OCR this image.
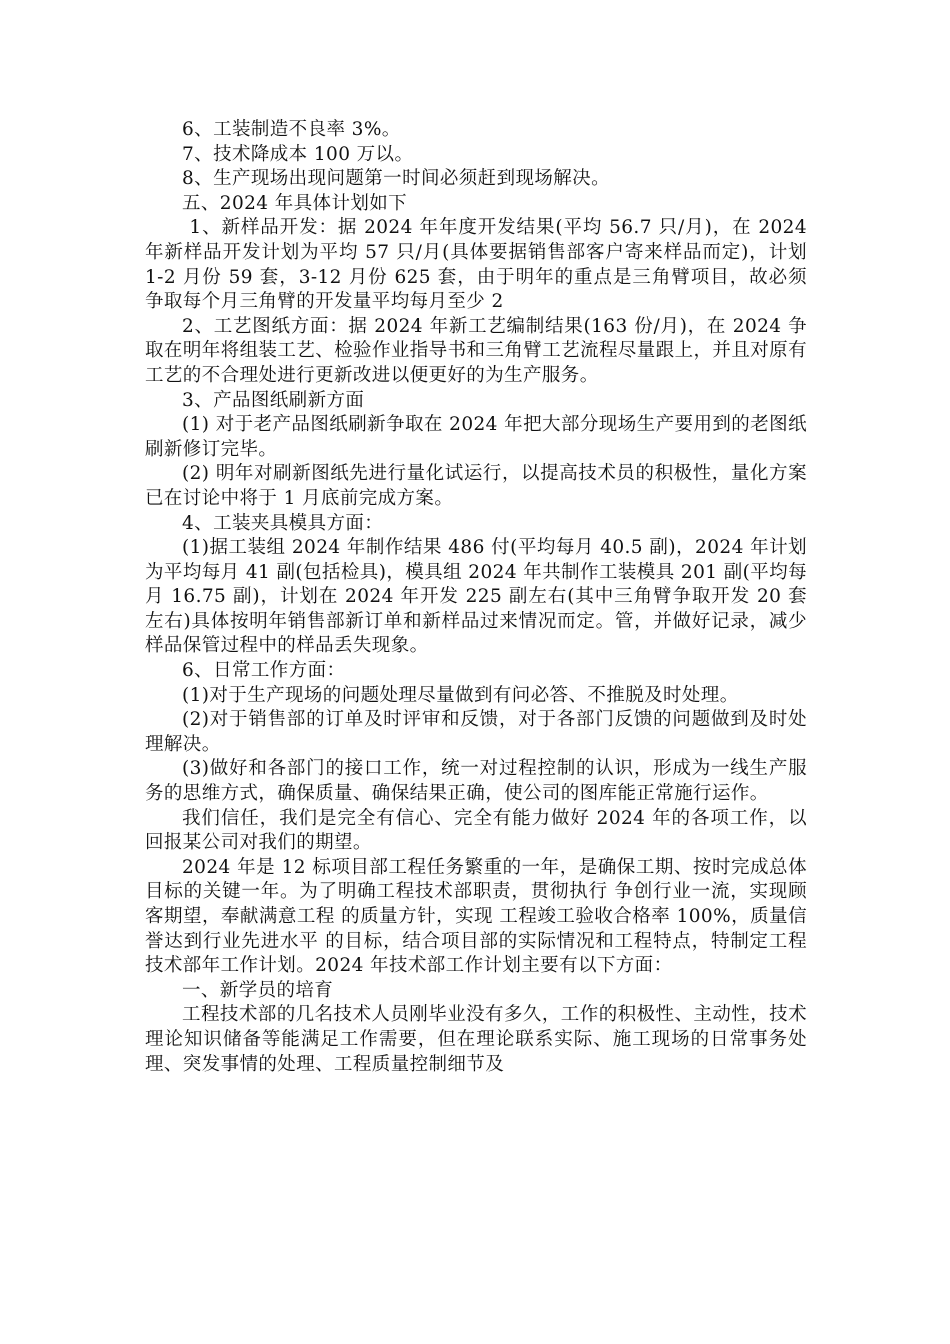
6、工装制造不良率 3%。

7、技术降成本 100 万以。

8、生产现场出现问题第一时间必须赶到现场解决。

五、2024 年具体计划如下

1、新样品开发：据 2024 年年度开发结果(平均 56.7 只/月)，在 2024 年新样品开发计划为平均 57 只/月(具体要据销售部客户寄来样品而定)，计划 1-2 月份 59 套，3-12 月份 625 套，由于明年的重点是三角臂项目，故必须争取每个月三角臂的开发量平均每月至少 2

2、工艺图纸方面：据 2024 年新工艺编制结果(163 份/月)，在 2024 争取在明年将组装工艺、检验作业指导书和三角臂工艺流程尽量跟上，并且对原有工艺的不合理处进行更新改进以便更好的为生产服务。

3、产品图纸刷新方面

(1) 对于老产品图纸刷新争取在 2024 年把大部分现场生产要用到的老图纸刷新修订完毕。

(2) 明年对刷新图纸先进行量化试运行，以提高技术员的积极性，量化方案已在讨论中将于 1 月底前完成方案。

4、工装夹具模具方面：

(1)据工装组 2024 年制作结果 486 付(平均每月 40.5 副)，2024 年计划为平均每月 41 副(包括检具)，模具组 2024 年共制作工装模具 201 副(平均每月 16.75 副)，计划在 2024 年开发 225 副左右(其中三角臂争取开发 20 套左右)具体按明年销售部新订单和新样品过来情况而定。管，并做好记录，减少样品保管过程中的样品丢失现象。

6、日常工作方面：

(1)对于生产现场的问题处理尽量做到有问必答、不推脱及时处理。

(2)对于销售部的订单及时评审和反馈，对于各部门反馈的问题做到及时处理解决。

(3)做好和各部门的接口工作，统一对过程控制的认识，形成为一线生产服务的思维方式，确保质量、确保结果正确，使公司的图库能正常施行运作。

我们信任，我们是完全有信心、完全有能力做好 2024 年的各项工作，以回报某公司对我们的期望。

2024 年是 12 标项目部工程任务繁重的一年，是确保工期、按时完成总体目标的关键一年。为了明确工程技术部职责，贯彻执行 争创行业一流，实现顾客期望，奉献满意工程 的质量方针，实现 工程竣工验收合格率 100%，质量信誉达到行业先进水平 的目标，结合项目部的实际情况和工程特点，特制定工程技术部年工作计划。2024 年技术部工作计划主要有以下方面：

一、新学员的培育

工程技术部的几名技术人员刚毕业没有多久，工作的积极性、主动性，技术理论知识储备等能满足工作需要，但在理论联系实际、施工现场的日常事务处理、突发事情的处理、工程质量控制细节及
